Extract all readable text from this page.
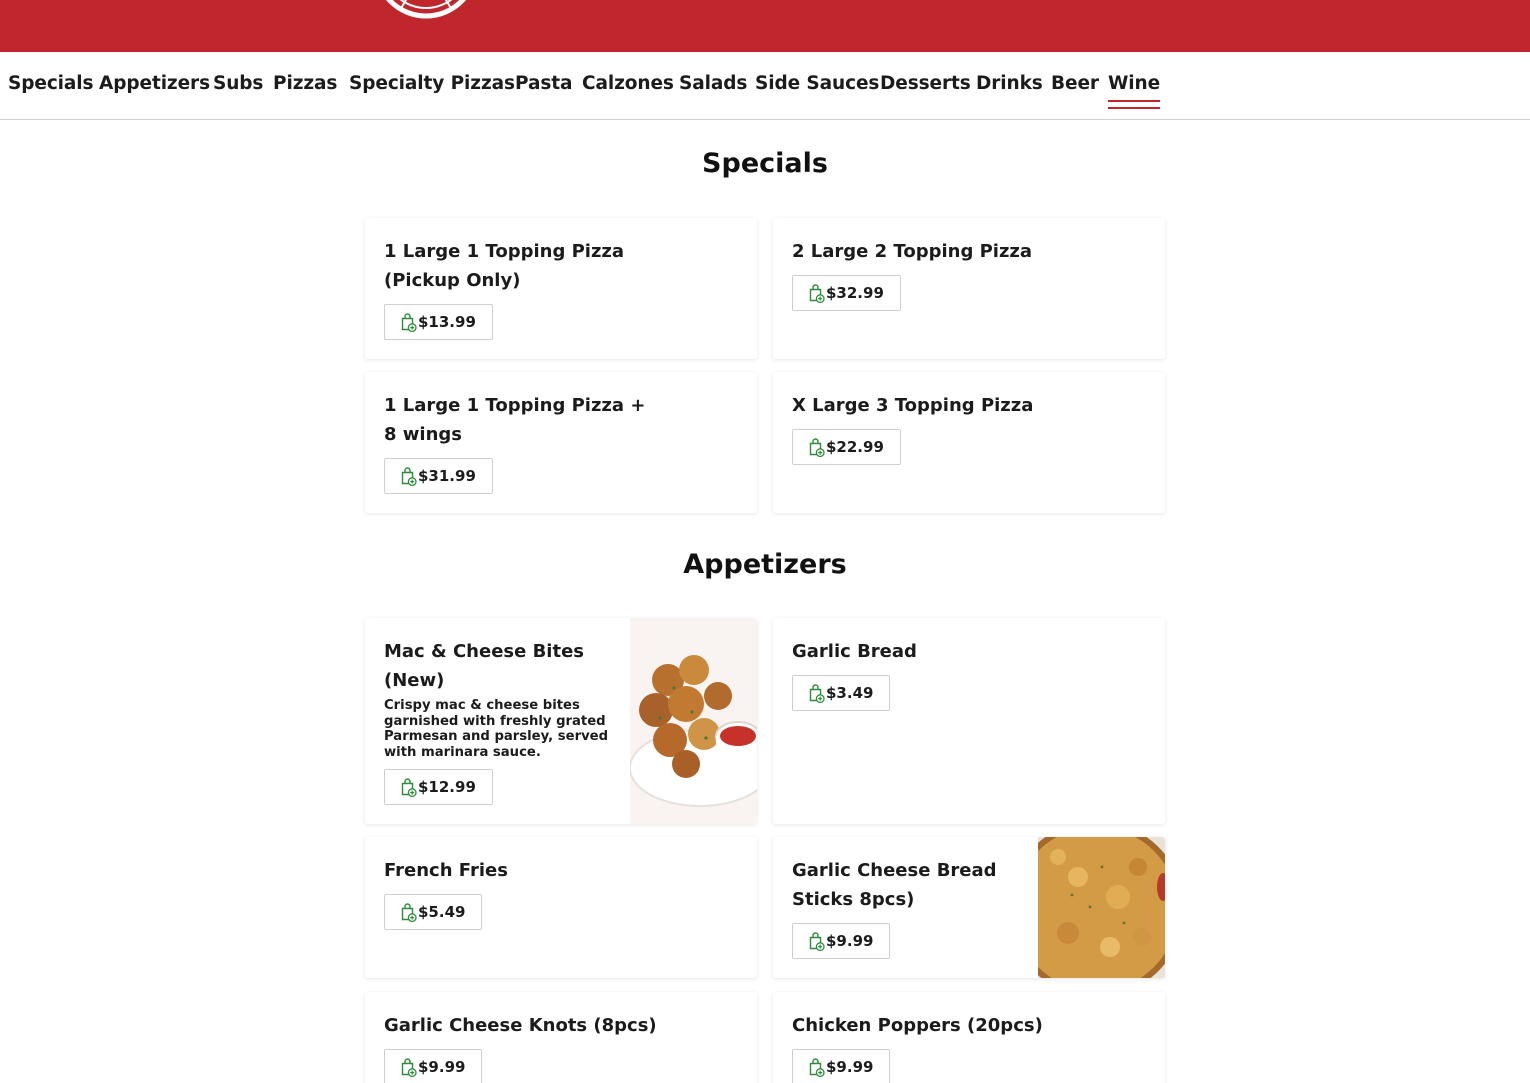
Specials Appetizers Subs Pizzas Specialty Pizzas Pasta Calzones Salads Side Sauces Desserts Drinks Beer Wine
Specials
1 Large 1 Topping Pizza (Pickup Only)
$13.99
2 Large 2 Topping Pizza
$32.99
1 Large 1 Topping Pizza + 8 wings
$31.99
X Large 3 Topping Pizza
$22.99
Appetizers
Mac & Cheese Bites (New)
Crispy mac & cheese bites garnished with freshly grated Parmesan and parsley, served with marinara sauce.
$12.99
Garlic Bread
$3.49
French Fries
$5.49
Garlic Cheese Bread Sticks 8pcs)
$9.99
Garlic Cheese Knots (8pcs)
$9.99
Chicken Poppers (20pcs)
$9.99
